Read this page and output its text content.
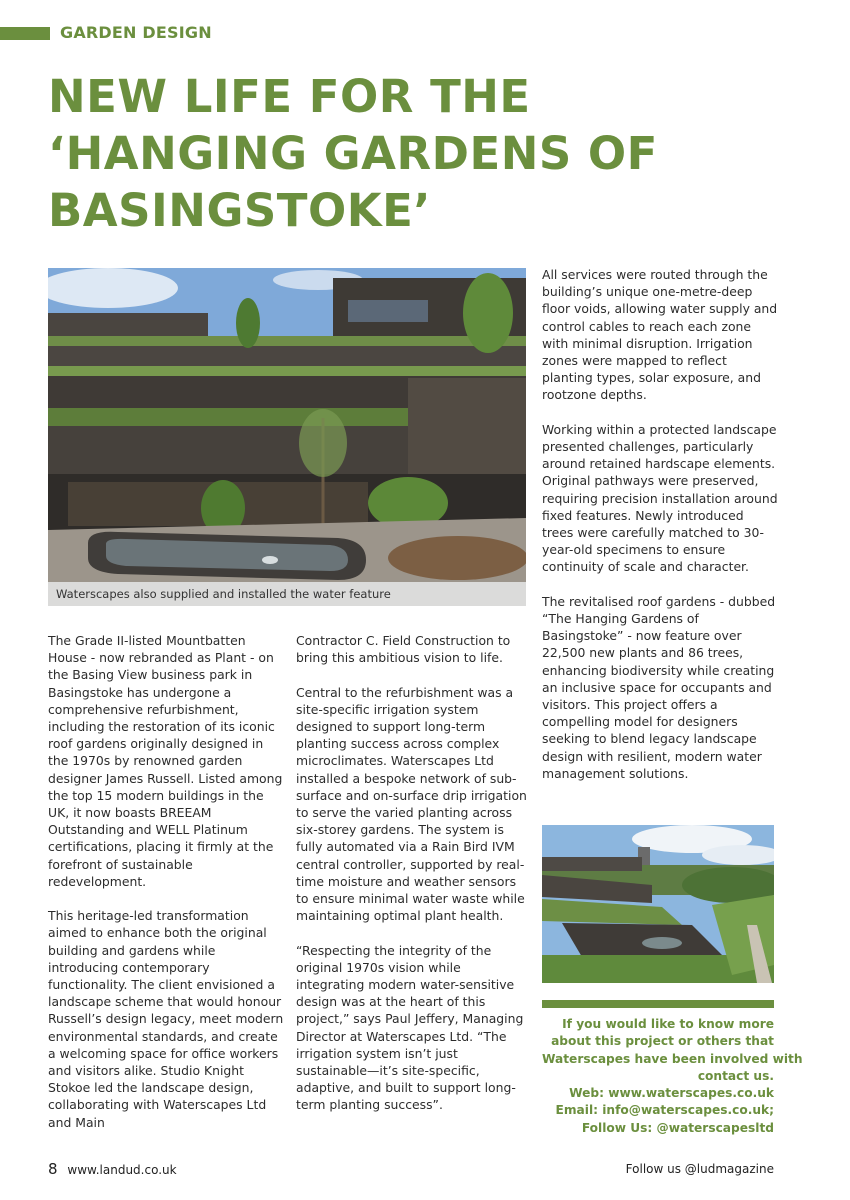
GARDEN DESIGN
NEW LIFE FOR THE
‘HANGING GARDENS OF
BASINGSTOKE’
Waterscapes also supplied and installed the water feature

The Grade II-listed Mountbatten House - now rebranded as Plant - on the Basing View business park in Basingstoke has undergone a comprehensive refurbishment, including the restoration of its iconic roof gardens originally designed in the 1970s by renowned garden designer James Russell. Listed among the top 15 modern buildings in the UK, it now boasts BREEAM Outstanding and WELL Platinum certifications, placing it firmly at the forefront of sustainable redevelopment.

This heritage-led transformation aimed to enhance both the original building and gardens while introducing contemporary functionality. The client envisioned a landscape scheme that would honour Russell’s design legacy, meet modern environmental standards, and create a welcoming space for office workers and visitors alike. Studio Knight Stokoe led the landscape design, collaborating with Waterscapes Ltd and Main

Contractor C. Field Construction to bring this ambitious vision to life.

Central to the refurbishment was a site-specific irrigation system designed to support long-term planting success across complex microclimates. Waterscapes Ltd installed a bespoke network of sub-surface and on-surface drip irrigation to serve the varied planting across six-storey gardens. The system is fully automated via a Rain Bird IVM central controller, supported by real-time moisture and weather sensors to ensure minimal water waste while maintaining optimal plant health.

“Respecting the integrity of the original 1970s vision while integrating modern water-sensitive design was at the heart of this project,” says Paul Jeffery, Managing Director at Waterscapes Ltd. “The irrigation system isn’t just sustainable—it’s site-specific, adaptive, and built to support long-term planting success”.

All services were routed through the building’s unique one-metre-deep floor voids, allowing water supply and control cables to reach each zone with minimal disruption. Irrigation zones were mapped to reflect planting types, solar exposure, and rootzone depths.

Working within a protected landscape presented challenges, particularly around retained hardscape elements. Original pathways were preserved, requiring precision installation around fixed features. Newly introduced trees were carefully matched to 30-year-old specimens to ensure continuity of scale and character.

The revitalised roof gardens - dubbed “The Hanging Gardens of Basingstoke” - now feature over 22,500 new plants and 86 trees, enhancing biodiversity while creating an inclusive space for occupants and visitors. This project offers a compelling model for designers seeking to blend legacy landscape design with resilient, modern water management solutions.

If you would like to know more
about this project or others that
Waterscapes have been involved with
contact us.
Web: www.waterscapes.co.uk
Email: info@waterscapes.co.uk;
Follow Us: @waterscapesltd
8 www.landud.co.uk	Follow us @ludmagazine
